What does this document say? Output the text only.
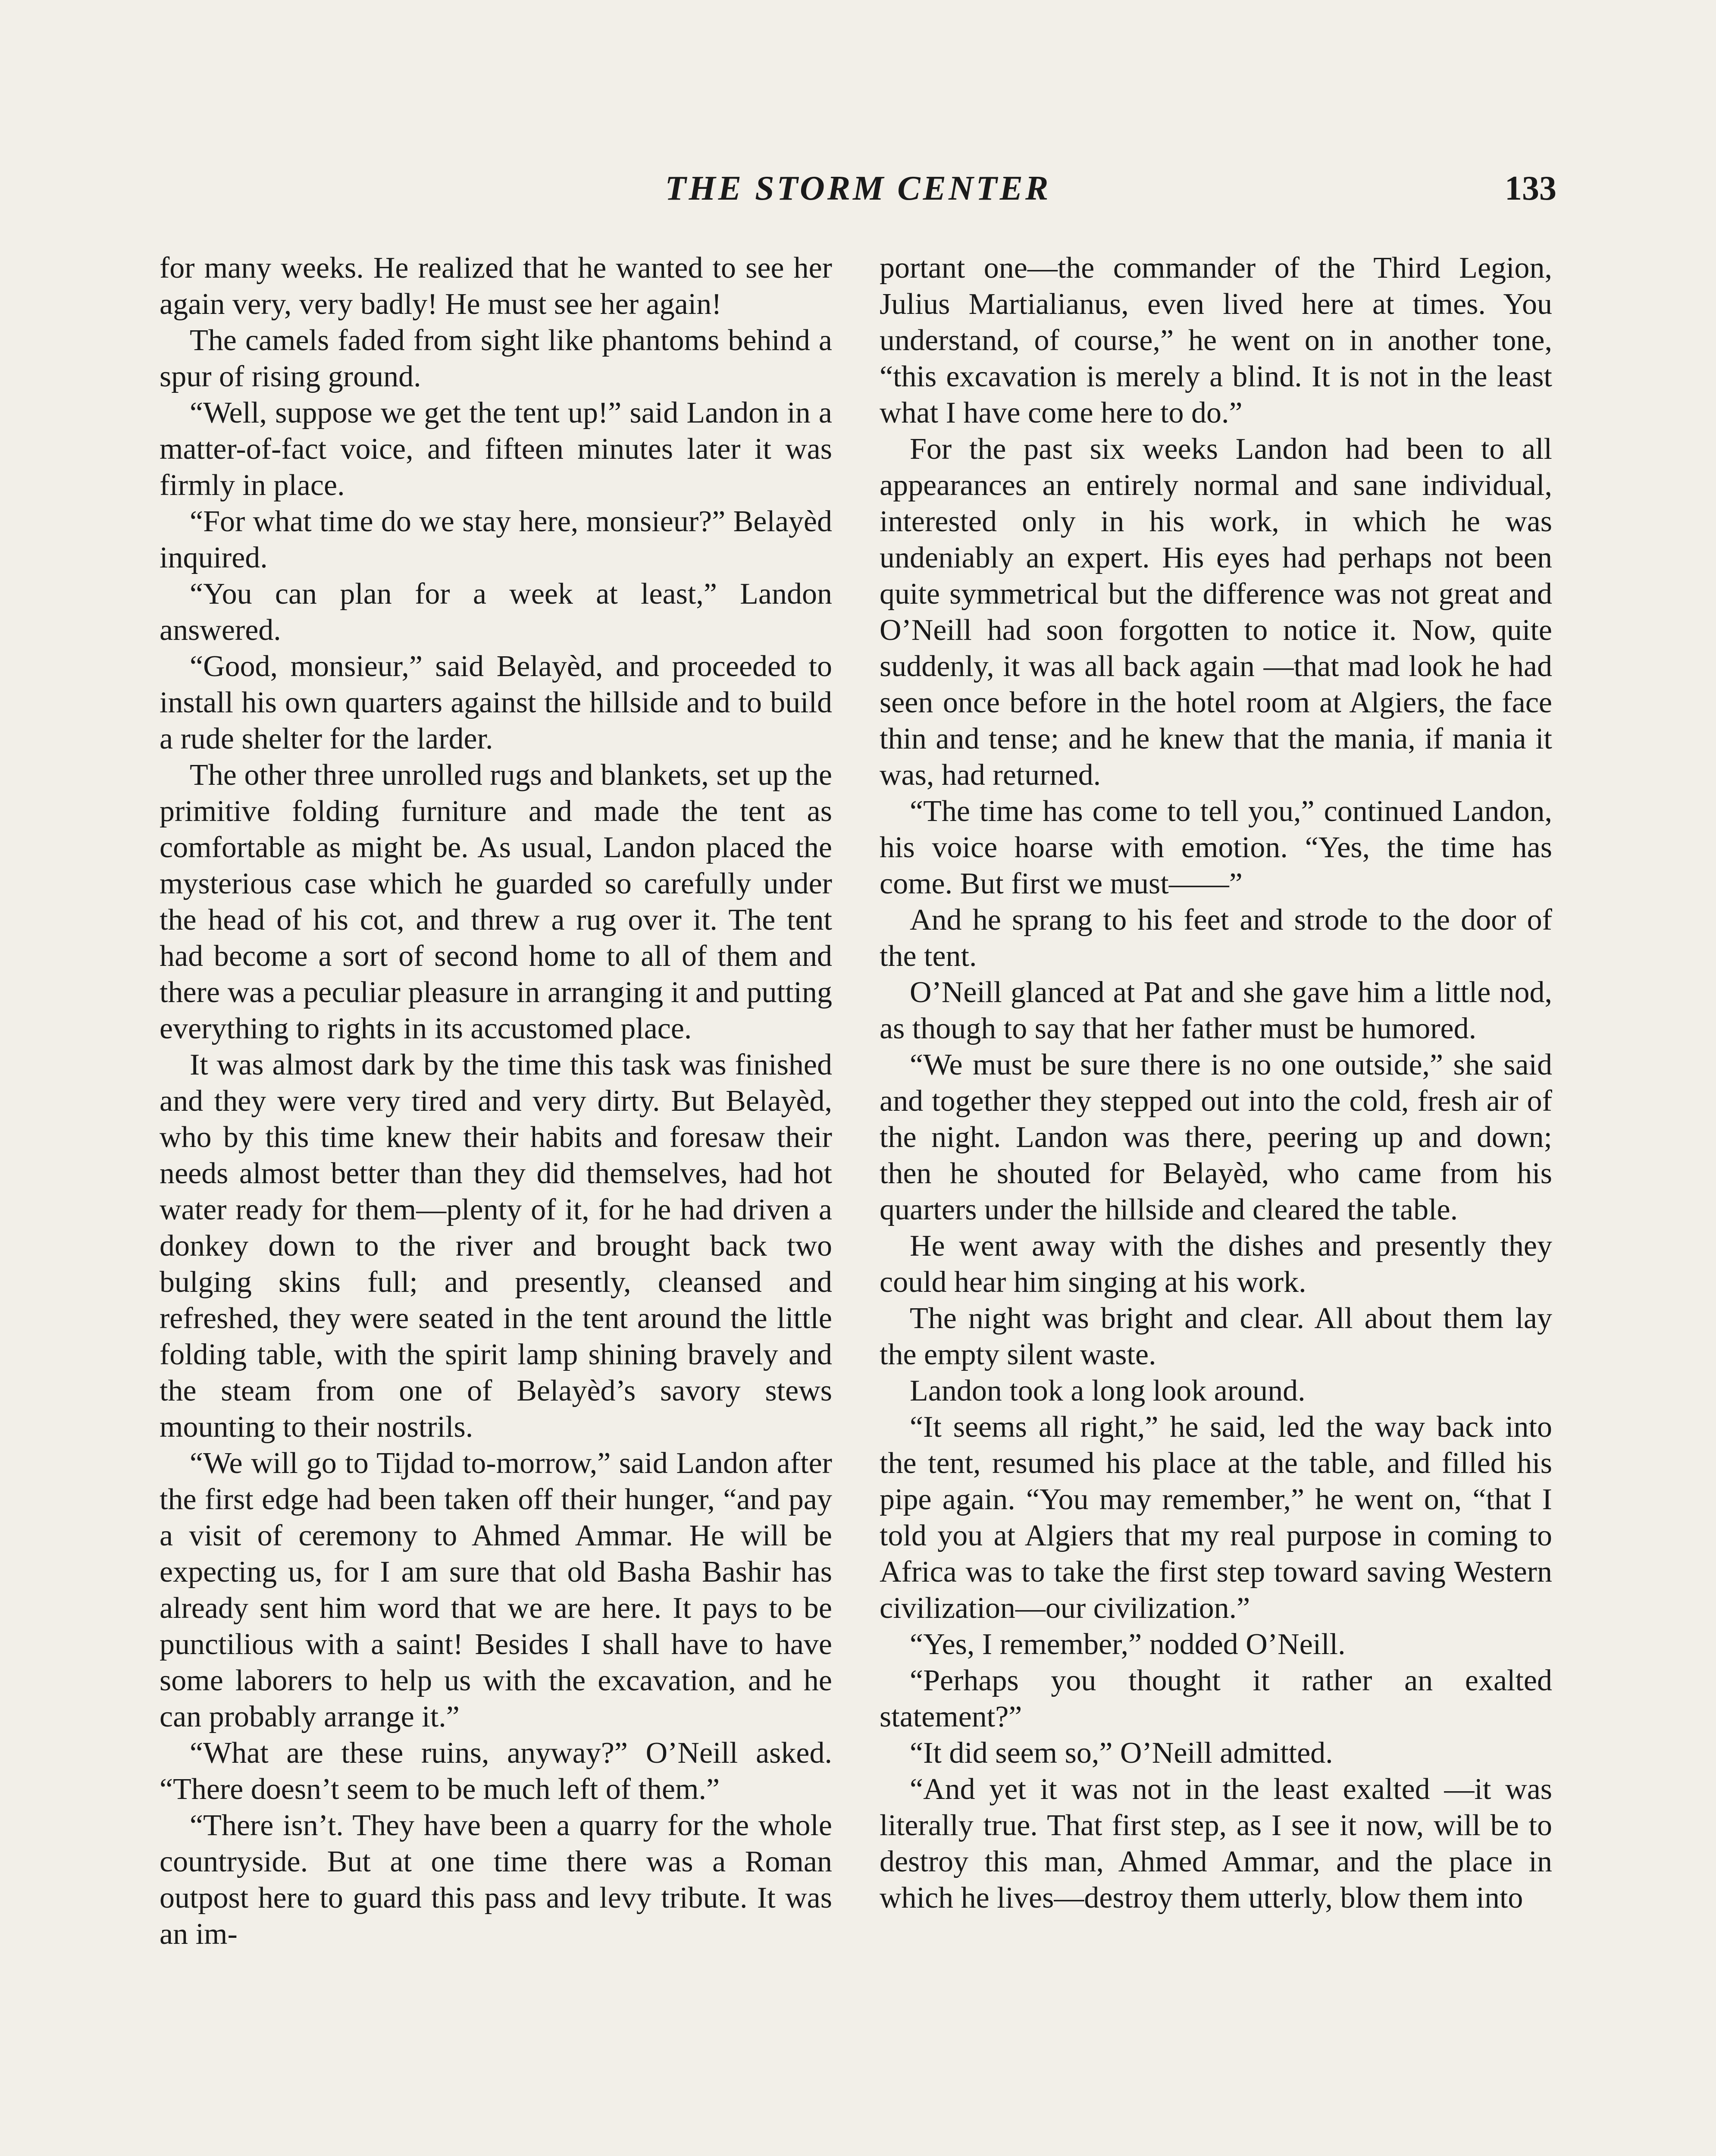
THE STORM CENTER	133

for many weeks. He realized that he wanted to see her again very, very badly! He must see her again!

The camels faded from sight like phantoms behind a spur of rising ground.

“Well, suppose we get the tent up!” said Landon in a matter-of-fact voice, and fifteen minutes later it was firmly in place.

“For what time do we stay here, monsieur?” Belayèd inquired.

“You can plan for a week at least,” Landon answered.

“Good, monsieur,” said Belayèd, and proceeded to install his own quarters against the hillside and to build a rude shelter for the larder.

The other three unrolled rugs and blankets, set up the primitive folding furniture and made the tent as comfortable as might be. As usual, Landon placed the mysterious case which he guarded so carefully under the head of his cot, and threw a rug over it. The tent had become a sort of second home to all of them and there was a peculiar pleasure in arranging it and putting everything to rights in its accustomed place.

It was almost dark by the time this task was finished and they were very tired and very dirty. But Belayèd, who by this time knew their habits and foresaw their needs almost better than they did themselves, had hot water ready for them—plenty of it, for he had driven a donkey down to the river and brought back two bulging skins full; and presently, cleansed and refreshed, they were seated in the tent around the little folding table, with the spirit lamp shining bravely and the steam from one of Belayèd’s savory stews mounting to their nostrils.

“We will go to Tijdad to-morrow,” said Landon after the first edge had been taken off their hunger, “and pay a visit of ceremony to Ahmed Ammar. He will be expecting us, for I am sure that old Basha Bashir has already sent him word that we are here. It pays to be punctilious with a saint! Besides I shall have to have some laborers to help us with the excavation, and he can probably arrange it.”

“What are these ruins, anyway?” O’Neill asked. “There doesn’t seem to be much left of them.”

“There isn’t. They have been a quarry for the whole countryside. But at one time there was a Roman outpost here to guard this pass and levy tribute. It was an im-

portant one—the commander of the Third Legion, Julius Martialianus, even lived here at times. You understand, of course,” he went on in another tone, “this excavation is merely a blind. It is not in the least what I have come here to do.”

For the past six weeks Landon had been to all appearances an entirely normal and sane individual, interested only in his work, in which he was undeniably an expert. His eyes had perhaps not been quite symmetrical but the difference was not great and O’Neill had soon forgotten to notice it. Now, quite suddenly, it was all back again —that mad look he had seen once before in the hotel room at Algiers, the face thin and tense; and he knew that the mania, if mania it was, had returned.

“The time has come to tell you,” continued Landon, his voice hoarse with emotion. “Yes, the time has come. But first we must——”

And he sprang to his feet and strode to the door of the tent.

O’Neill glanced at Pat and she gave him a little nod, as though to say that her father must be humored.

“We must be sure there is no one outside,” she said and together they stepped out into the cold, fresh air of the night. Landon was there, peering up and down; then he shouted for Belayèd, who came from his quarters under the hillside and cleared the table.

He went away with the dishes and presently they could hear him singing at his work.

The night was bright and clear. All about them lay the empty silent waste.

Landon took a long look around.

“It seems all right,” he said, led the way back into the tent, resumed his place at the table, and filled his pipe again. “You may remember,” he went on, “that I told you at Algiers that my real purpose in coming to Africa was to take the first step toward saving Western civilization—our civilization.”

“Yes, I remember,” nodded O’Neill.

“Perhaps you thought it rather an exalted statement?”

“It did seem so,” O’Neill admitted.

“And yet it was not in the least exalted —it was literally true. That first step, as I see it now, will be to destroy this man, Ahmed Ammar, and the place in which he lives—destroy them utterly, blow them into
